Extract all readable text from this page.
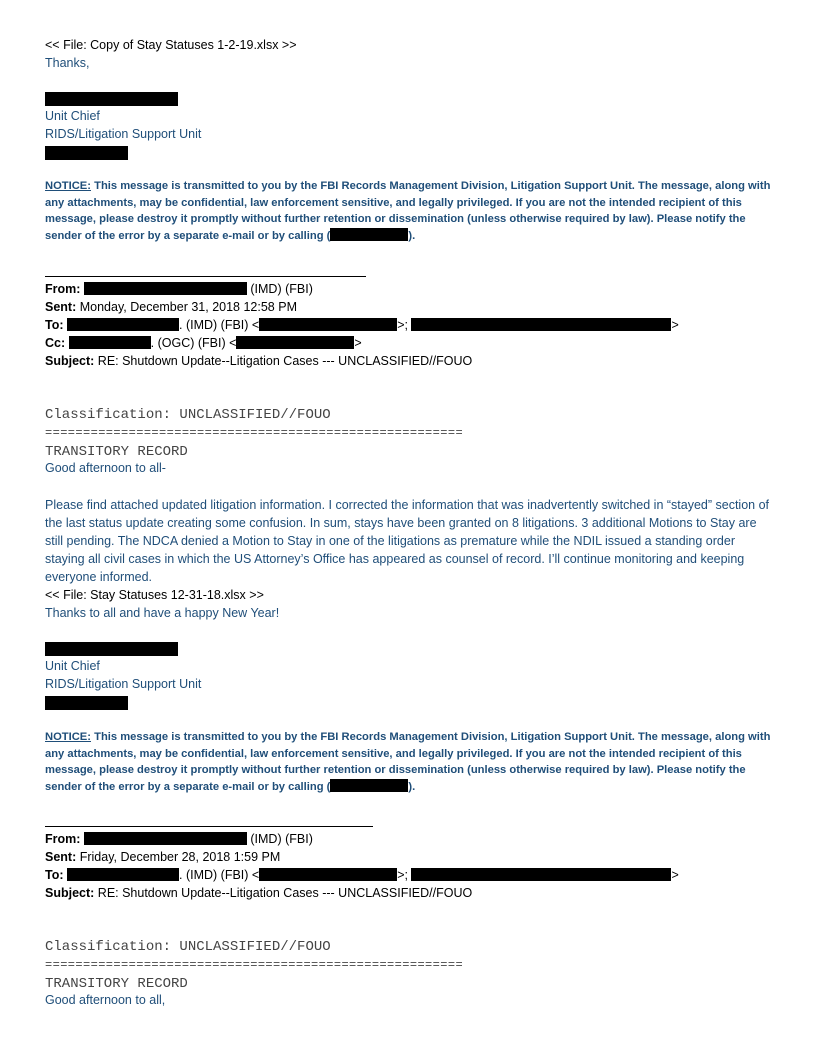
<< File: Copy of Stay Statuses 1-2-19.xlsx >>
Thanks,
Unit Chief
RIDS/Litigation Support Unit
NOTICE: This message is transmitted to you by the FBI Records Management Division, Litigation Support Unit. The message, along with any attachments, may be confidential, law enforcement sensitive, and legally privileged. If you are not the intended recipient of this message, please destroy it promptly without further retention or dissemination (unless otherwise required by law). Please notify the sender of the error by a separate e-mail or by calling (	).
From:	(IMD) (FBI)
Sent: Monday, December 31, 2018 12:58 PM
To:	. (IMD) (FBI) <	>;	>
Cc:	. (OGC) (FBI) <	>
Subject: RE: Shutdown Update--Litigation Cases --- UNCLASSIFIED//FOUO
Classification: UNCLASSIFIED//FOUO
=======================================================
TRANSITORY RECORD
Good afternoon to all-
Please find attached updated litigation information. I corrected the information that was inadvertently switched in “stayed” section of the last status update creating some confusion. In sum, stays have been granted on 8 litigations. 3 additional Motions to Stay are still pending. The NDCA denied a Motion to Stay in one of the litigations as premature while the NDIL issued a standing order staying all civil cases in which the US Attorney’s Office has appeared as counsel of record. I’ll continue monitoring and keeping everyone informed.
<< File: Stay Statuses 12-31-18.xlsx >>
Thanks to all and have a happy New Year!
Unit Chief
RIDS/Litigation Support Unit
NOTICE: This message is transmitted to you by the FBI Records Management Division, Litigation Support Unit. The message, along with any attachments, may be confidential, law enforcement sensitive, and legally privileged. If you are not the intended recipient of this message, please destroy it promptly without further retention or dissemination (unless otherwise required by law). Please notify the sender of the error by a separate e-mail or by calling (	).
From:	(IMD) (FBI)
Sent: Friday, December 28, 2018 1:59 PM
To:	. (IMD) (FBI) <	>;	>
Subject: RE: Shutdown Update--Litigation Cases --- UNCLASSIFIED//FOUO
Classification: UNCLASSIFIED//FOUO
=======================================================
TRANSITORY RECORD
Good afternoon to all,
